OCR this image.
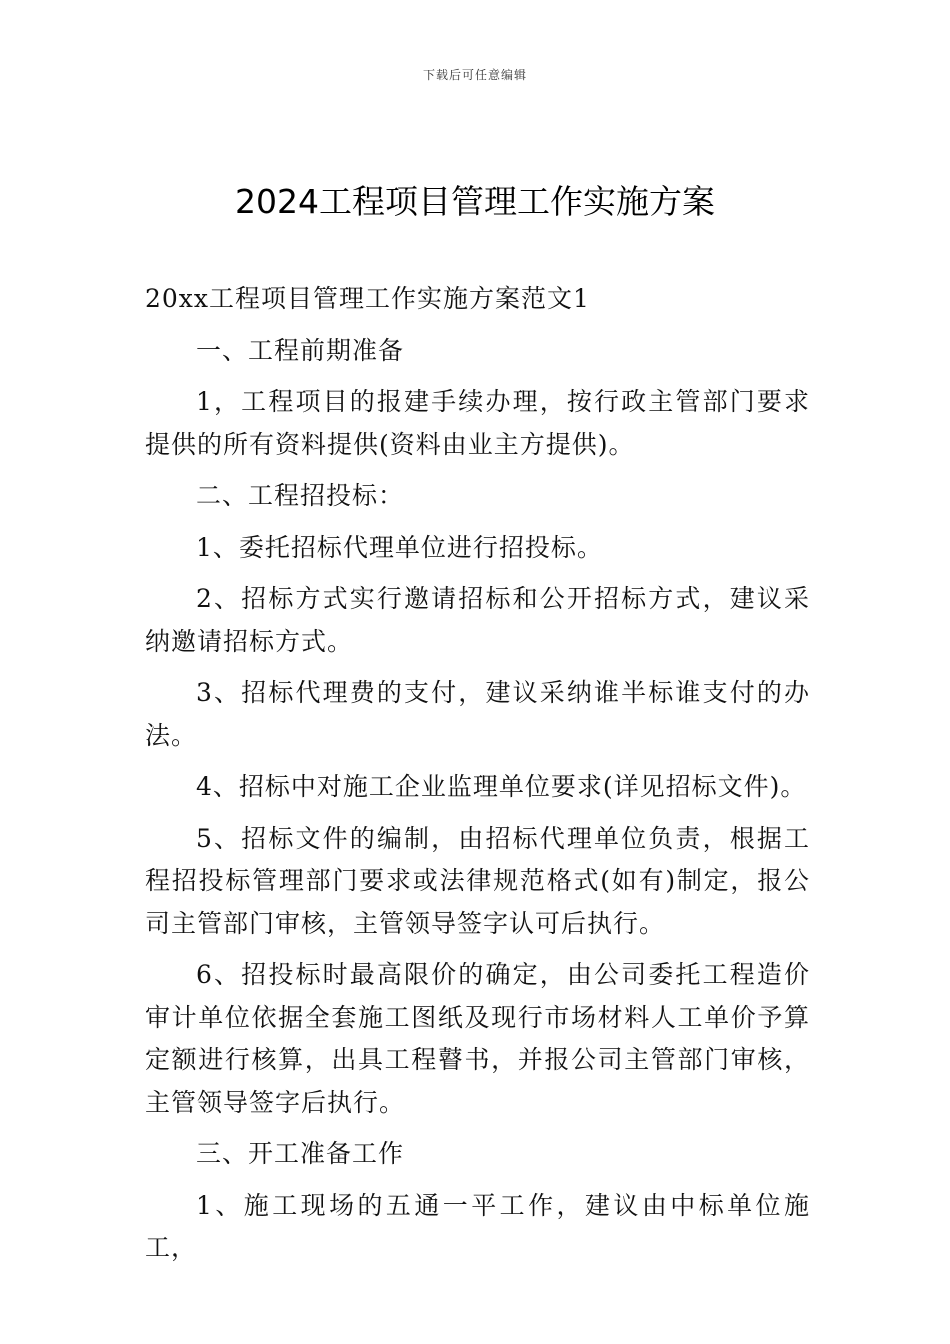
下载后可任意编辑
2024工程项目管理工作实施方案

20xx工程项目管理工作实施方案范文1

一、工程前期准备

1，工程项目的报建手续办理，按行政主管部门要求提供的所有资料提供(资料由业主方提供)。

二、工程招投标：

1、委托招标代理单位进行招投标。

2、招标方式实行邀请招标和公开招标方式，建议采纳邀请招标方式。

3、招标代理费的支付，建议采纳谁半标谁支付的办法。

4、招标中对施工企业监理单位要求(详见招标文件)。

5、招标文件的编制，由招标代理单位负责，根据工程招投标管理部门要求或法律规范格式(如有)制定，报公司主管部门审核，主管领导签字认可后执行。

6、招投标时最高限价的确定，由公司委托工程造价审计单位依据全套施工图纸及现行市场材料人工单价予算定额进行核算，出具工程瞽书，并报公司主管部门审核，主管领导签字后执行。

三、开工准备工作

1、施工现场的五通一平工作，建议由中标单位施工，
